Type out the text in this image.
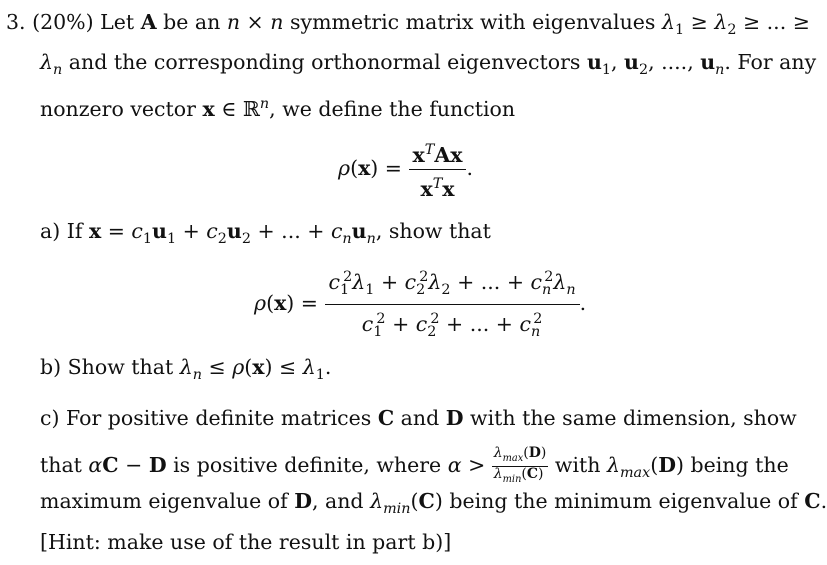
3. (20%) Let A be an n × n symmetric matrix with eigenvalues $\lambda_1 \ge \lambda_2$ ≥ ... ≥
$\lambda_n$ and the corresponding orthonormal eigenvectors $u_1$, $u_2$, ...., $u_n$. For any
nonzero vector x ∈ ℝ$^n$, we define the function
$\rho(x) = \frac{x^TAx}{x^Tx}$ .
a) If $x = c_1u_1 + c_2u_2$ + ... + $c_nu_n$, show that
$\rho(x) = \frac{c_1^2\lambda_1 + c_2^2\lambda_2 + ... + c_n^2\lambda_n}{c_1^2 + c_2^2 + ... + c_n^2}$ .
b) Show that $\lambda_n \le \rho(x) \le \lambda_1$.
c) For positive definite matrices C and D with the same dimension, show
that αC − D is positive definite, where $\alpha > \lambda_{max}(D)$
$\lambda_{min}(C)$ with $\lambda_{max}(D)$ being the
maximum eigenvalue of D, and $\lambda_{min}(C)$ being the minimum eigenvalue of C.
[Hint: make use of the result in part b)]
